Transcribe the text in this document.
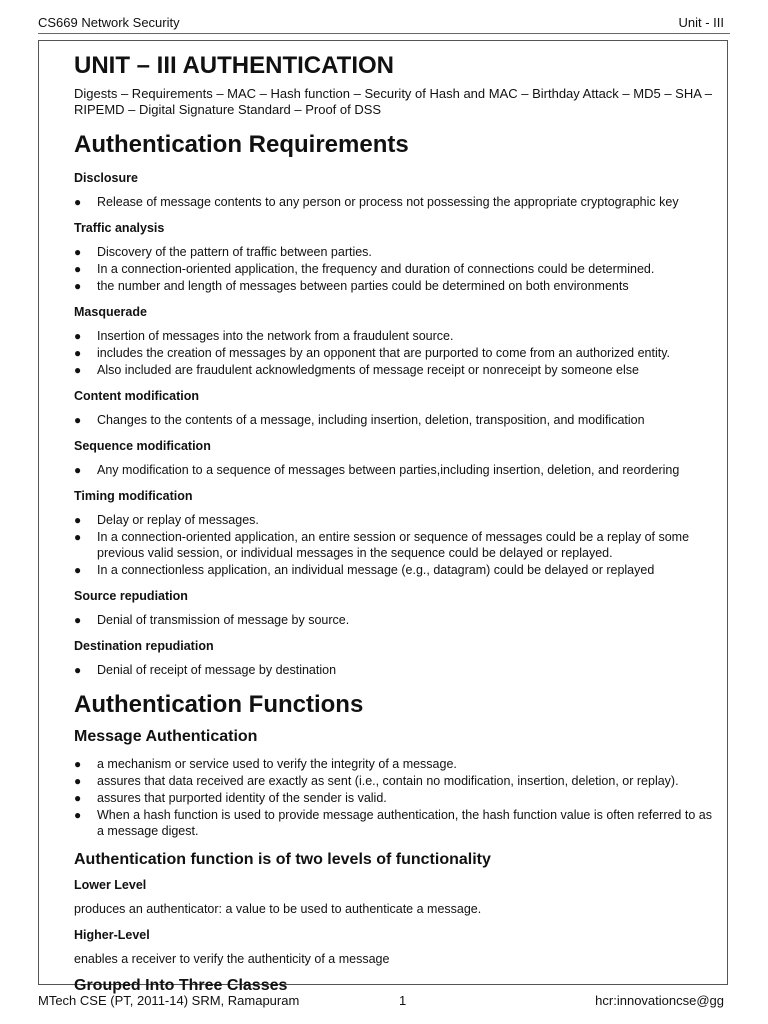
CS669 Network Security	Unit - III
UNIT – III AUTHENTICATION
Digests – Requirements – MAC – Hash function – Security of Hash and MAC – Birthday Attack – MD5 – SHA – RIPEMD – Digital Signature Standard – Proof of DSS
Authentication Requirements
Disclosure
● Release of message contents to any person or process not possessing the appropriate cryptographic key
Traffic analysis
● Discovery of the pattern of traffic between parties.
● In a connection-oriented application, the frequency and duration of connections could be determined.
● the number and length of messages between parties could be determined on both environments
Masquerade
● Insertion of messages into the network from a fraudulent source.
● includes the creation of messages by an opponent that are purported to come from an authorized entity.
● Also included are fraudulent acknowledgments of message receipt or nonreceipt by someone else
Content modification
● Changes to the contents of a message, including insertion, deletion, transposition, and modification
Sequence modification
● Any modification to a sequence of messages between parties,including insertion, deletion, and reordering
Timing modification
● Delay or replay of messages.
● In a connection-oriented application, an entire session or sequence of messages could be a replay of some previous valid session, or individual messages in the sequence could be delayed or replayed.
● In a connectionless application, an individual message (e.g., datagram) could be delayed or replayed
Source repudiation
● Denial of transmission of message by source.
Destination repudiation
● Denial of receipt of message by destination
Authentication Functions
Message Authentication
● a mechanism or service used to verify the integrity of a message.
● assures that data received are exactly as sent (i.e., contain no modification, insertion, deletion, or replay).
● assures that purported identity of the sender is valid.
● When a hash function is used to provide message authentication, the hash function value is often referred to as a message digest.
Authentication function is of two levels of functionality
Lower Level
produces an authenticator: a value to be used to authenticate a message.
Higher-Level
enables a receiver to verify the authenticity of a message
Grouped Into Three Classes
MTech CSE (PT, 2011-14) SRM, Ramapuram	1	hcr:innovationcse@gg
